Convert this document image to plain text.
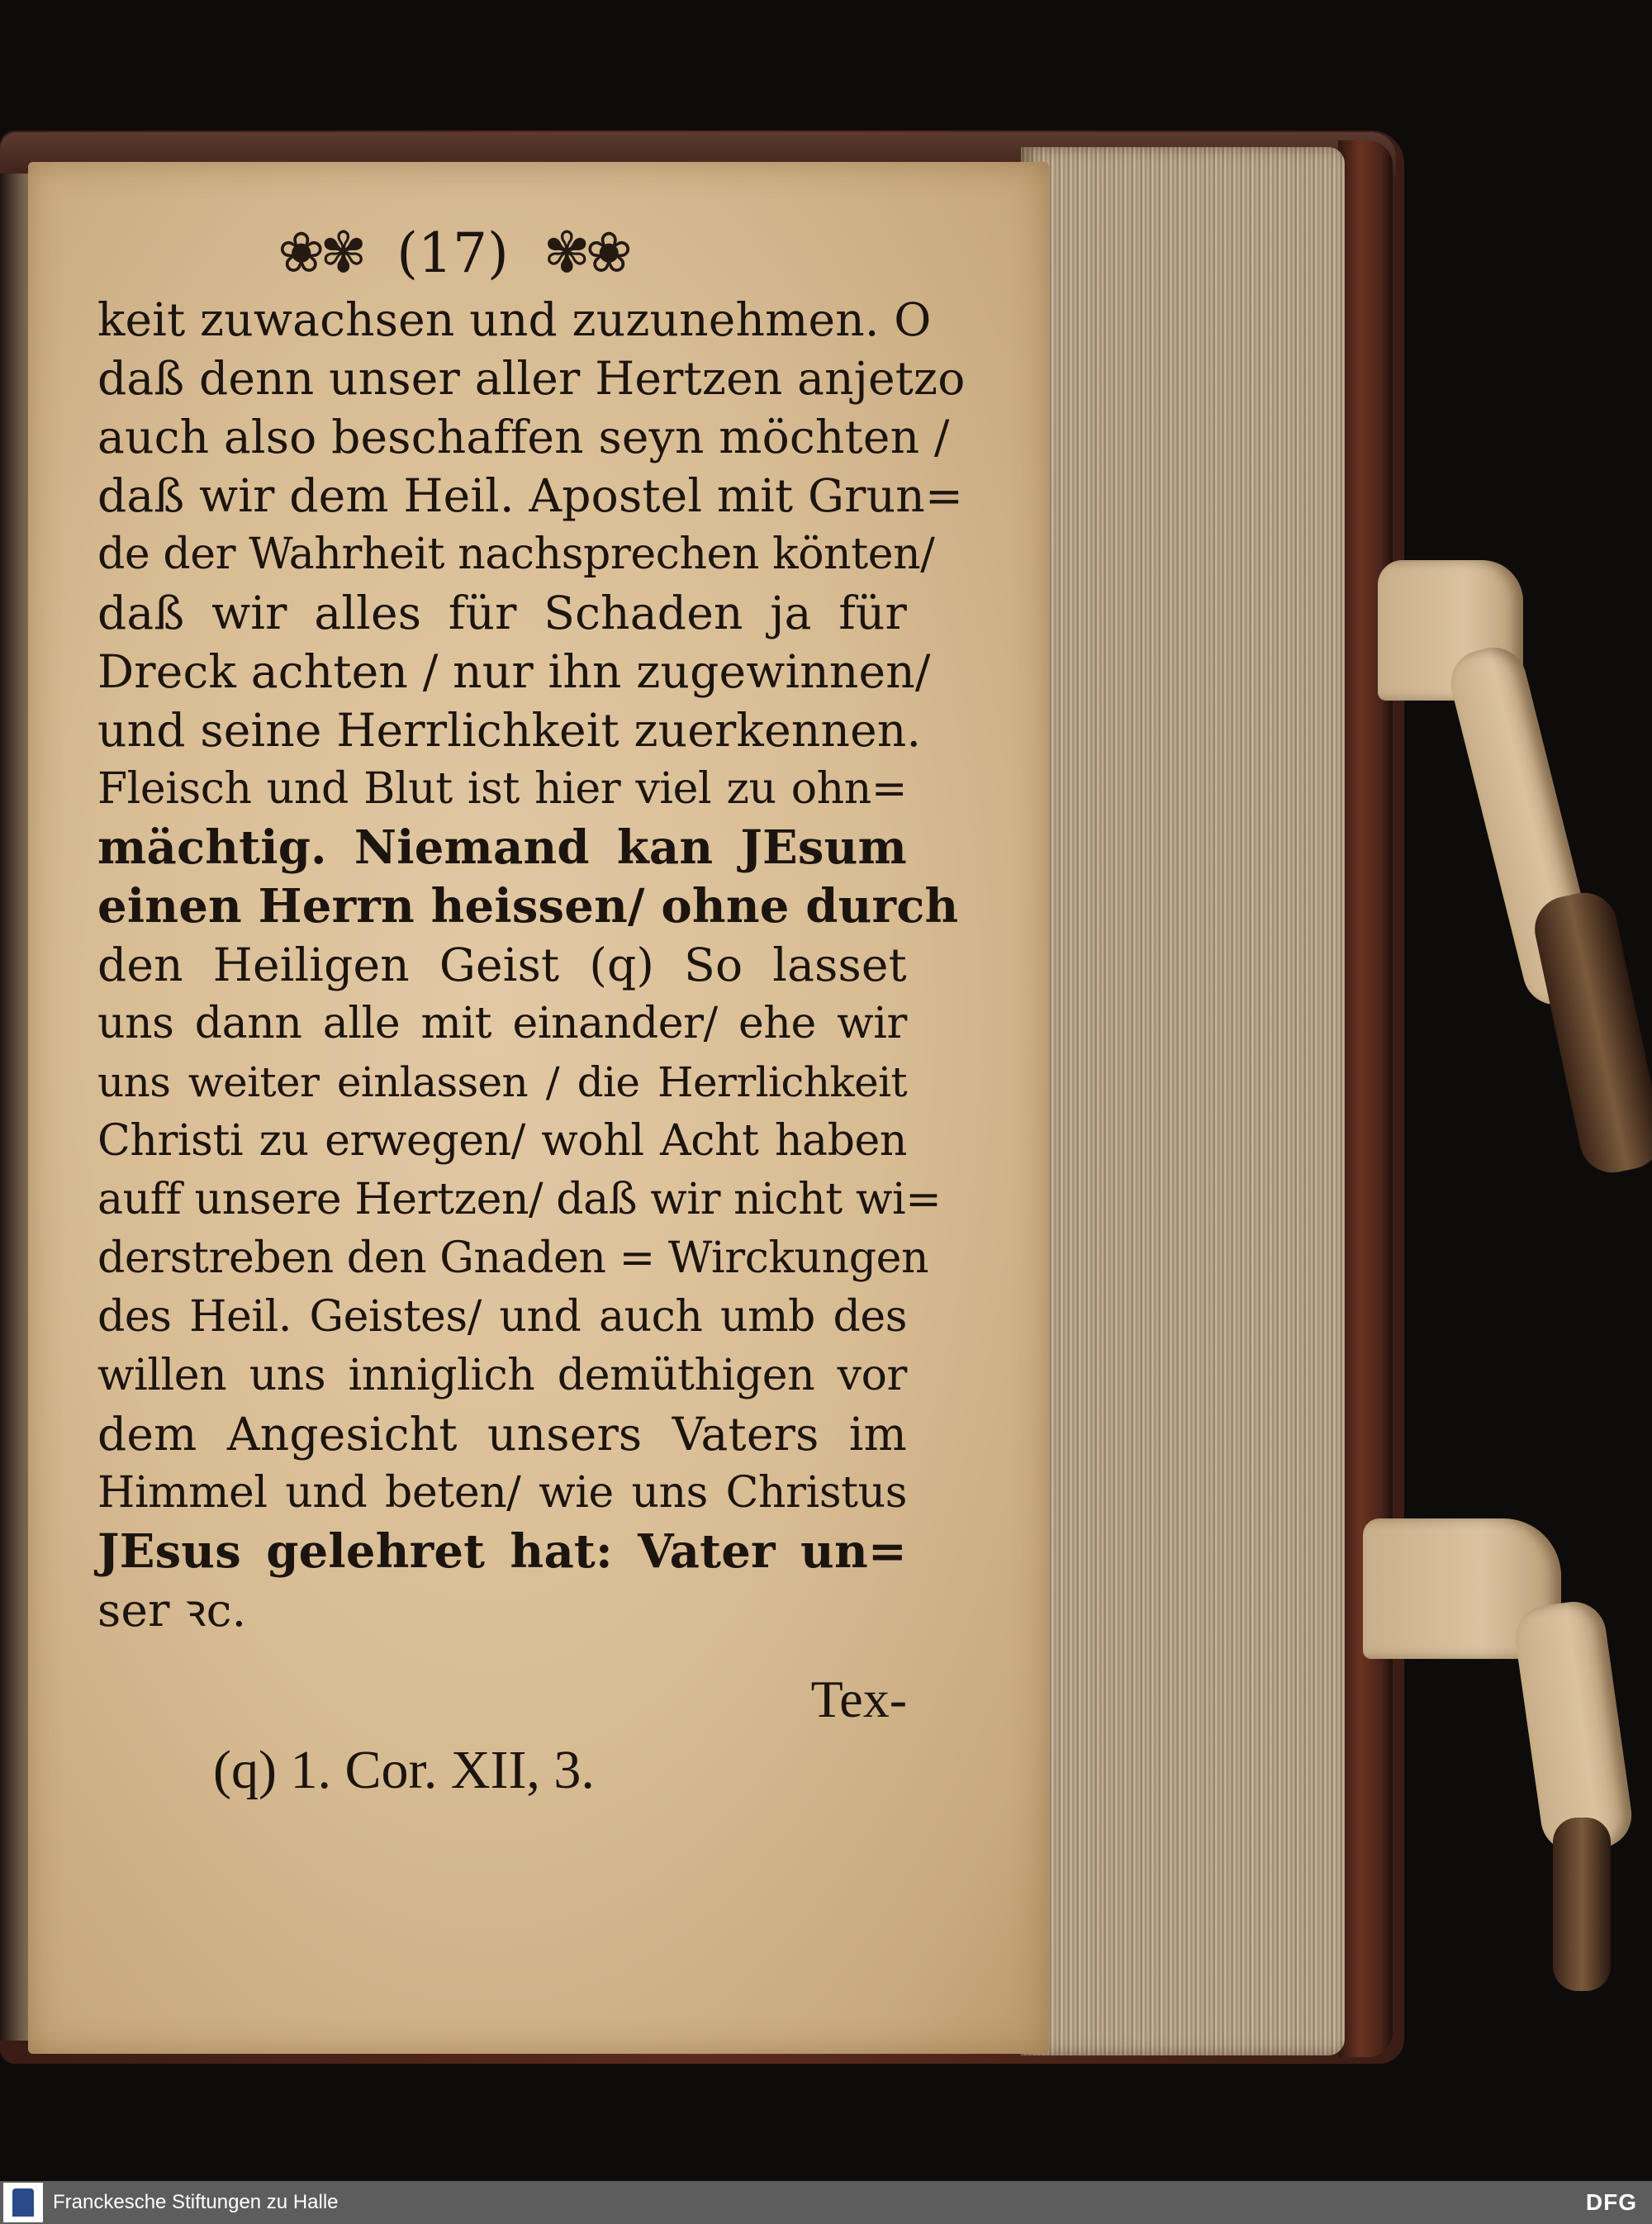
❀✾ (17) ✾❀
keit zuwachsen und zuzunehmen. O
daß denn unser aller Hertzen anjetzo
auch also beschaffen seyn möchten /
daß wir dem Heil. Apostel mit Grun=
de der Wahrheit nachsprechen könten/
daß wir alles für Schaden ja für
Dreck achten / nur ihn zugewinnen/
und seine Herrlichkeit zuerkennen.
Fleisch und Blut ist hier viel zu ohn=
mächtig. Niemand kan JEsum
einen Herrn heissen/ ohne durch
den Heiligen Geist (q) So lasset
uns dann alle mit einander/ ehe wir
uns weiter einlassen / die Herrlichkeit
Christi zu erwegen/ wohl Acht haben
auff unsere Hertzen/ daß wir nicht wi=
derstreben den Gnaden = Wirckungen
des Heil. Geistes/ und auch umb des
willen uns inniglich demüthigen vor
dem Angesicht unsers Vaters im
Himmel und beten/ wie uns Christus
JEsus gelehret hat: Vater un=
ser ꝛc.
Tex-
(q) 1. Cor. XII, 3.
Franckesche Stiftungen zu Halle	DFG
